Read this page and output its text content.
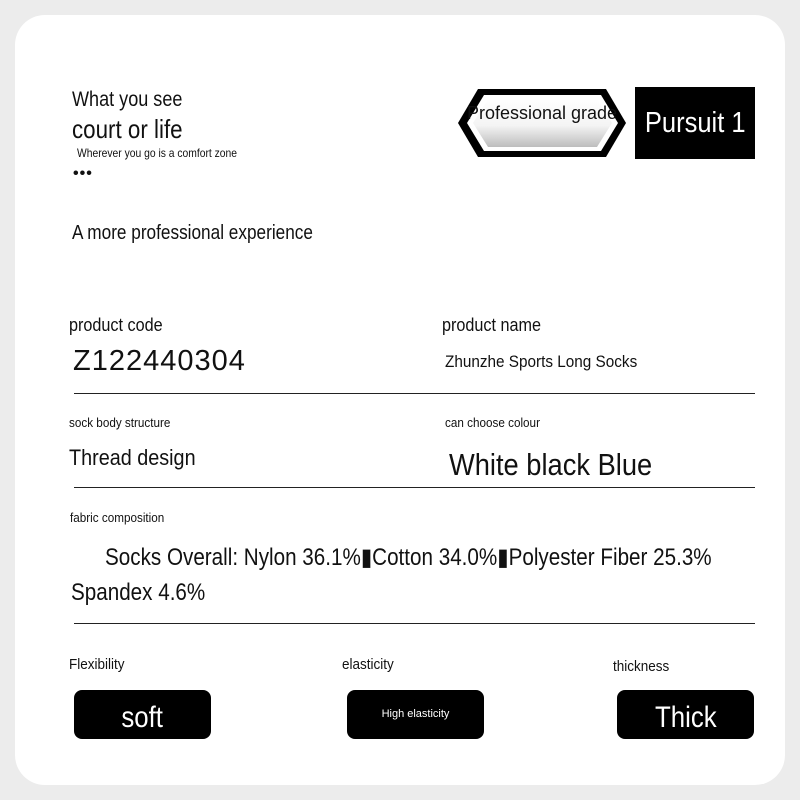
What you see
court or life
Wherever you go is a comfort zone
•••
A more professional experience
Professional grade Pursuit 1
product code
Z122440304
product name
Zhunzhe Sports Long Socks
sock body structure
Thread design
can choose colour
White black Blue
fabric composition
Socks Overall: Nylon 36.1%▮Cotton 34.0%▮Polyester Fiber 25.3%
Spandex 4.6%
Flexibility	elasticity	thickness
soft	High elasticity	Thick
